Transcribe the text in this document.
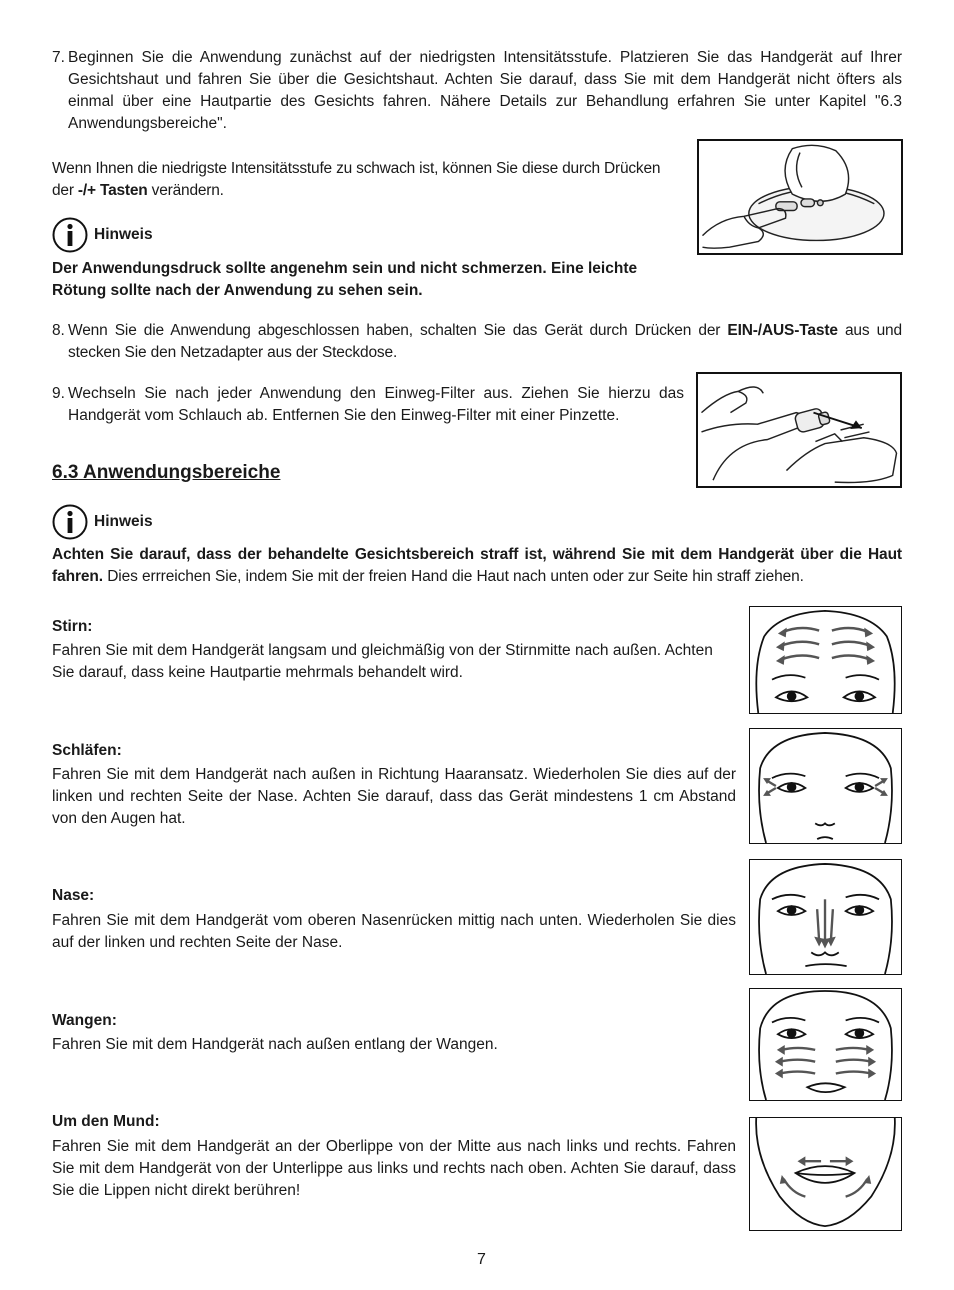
7. Beginnen Sie die Anwendung zunächst auf der niedrigsten Intensitätsstufe. Platzieren Sie das Handgerät auf Ihrer Gesichtshaut und fahren Sie über die Gesichtshaut. Achten Sie darauf, dass Sie mit dem Handgerät nicht öfters als einmal über eine Hautpartie des Gesichts fahren. Nähere Details zur Behandlung erfahren Sie unter Kapitel "6.3 Anwendungsbereiche".
Wenn Ihnen die niedrigste Intensitätsstufe zu schwach ist, können Sie diese durch Drücken der -/+ Tasten verändern.
Hinweis
Der Anwendungsdruck sollte angenehm sein und nicht schmerzen. Eine leichte Rötung sollte nach der Anwendung zu sehen sein.
8. Wenn Sie die Anwendung abgeschlossen haben, schalten Sie das Gerät durch Drücken der EIN-/AUS-Taste aus und stecken Sie den Netzadapter aus der Steckdose.
9. Wechseln Sie nach jeder Anwendung den Einweg-Filter aus. Ziehen Sie hierzu das Handgerät vom Schlauch ab. Entfernen Sie den Einweg-Filter mit einer Pinzette.
6.3 Anwendungsbereiche
Hinweis
Achten Sie darauf, dass der behandelte Gesichtsbereich straff ist, während Sie mit dem Handgerät über die Haut fahren. Dies errreichen Sie, indem Sie mit der freien Hand die Haut nach unten oder zur Seite hin straff ziehen.
Stirn:
Fahren Sie mit dem Handgerät langsam und gleichmäßig von der Stirnmitte nach außen. Achten Sie darauf, dass keine Hautpartie mehrmals behandelt wird.
Schläfen:
Fahren Sie mit dem Handgerät nach außen in Richtung Haaransatz. Wiederholen Sie dies auf der linken und rechten Seite der Nase. Achten Sie darauf, dass das Gerät mindestens 1 cm Abstand von den Augen hat.
Nase:
Fahren Sie mit dem Handgerät vom oberen Nasenrücken mittig nach unten. Wiederholen Sie dies auf der linken und rechten Seite der Nase.
Wangen:
Fahren Sie mit dem Handgerät nach außen entlang der Wangen.
Um den Mund:
Fahren Sie mit dem Handgerät an der Oberlippe von der Mitte aus nach links und rechts. Fahren Sie mit dem Handgerät von der Unterlippe aus links und rechts nach oben. Achten Sie darauf, dass Sie die Lippen nicht direkt berühren!
7
